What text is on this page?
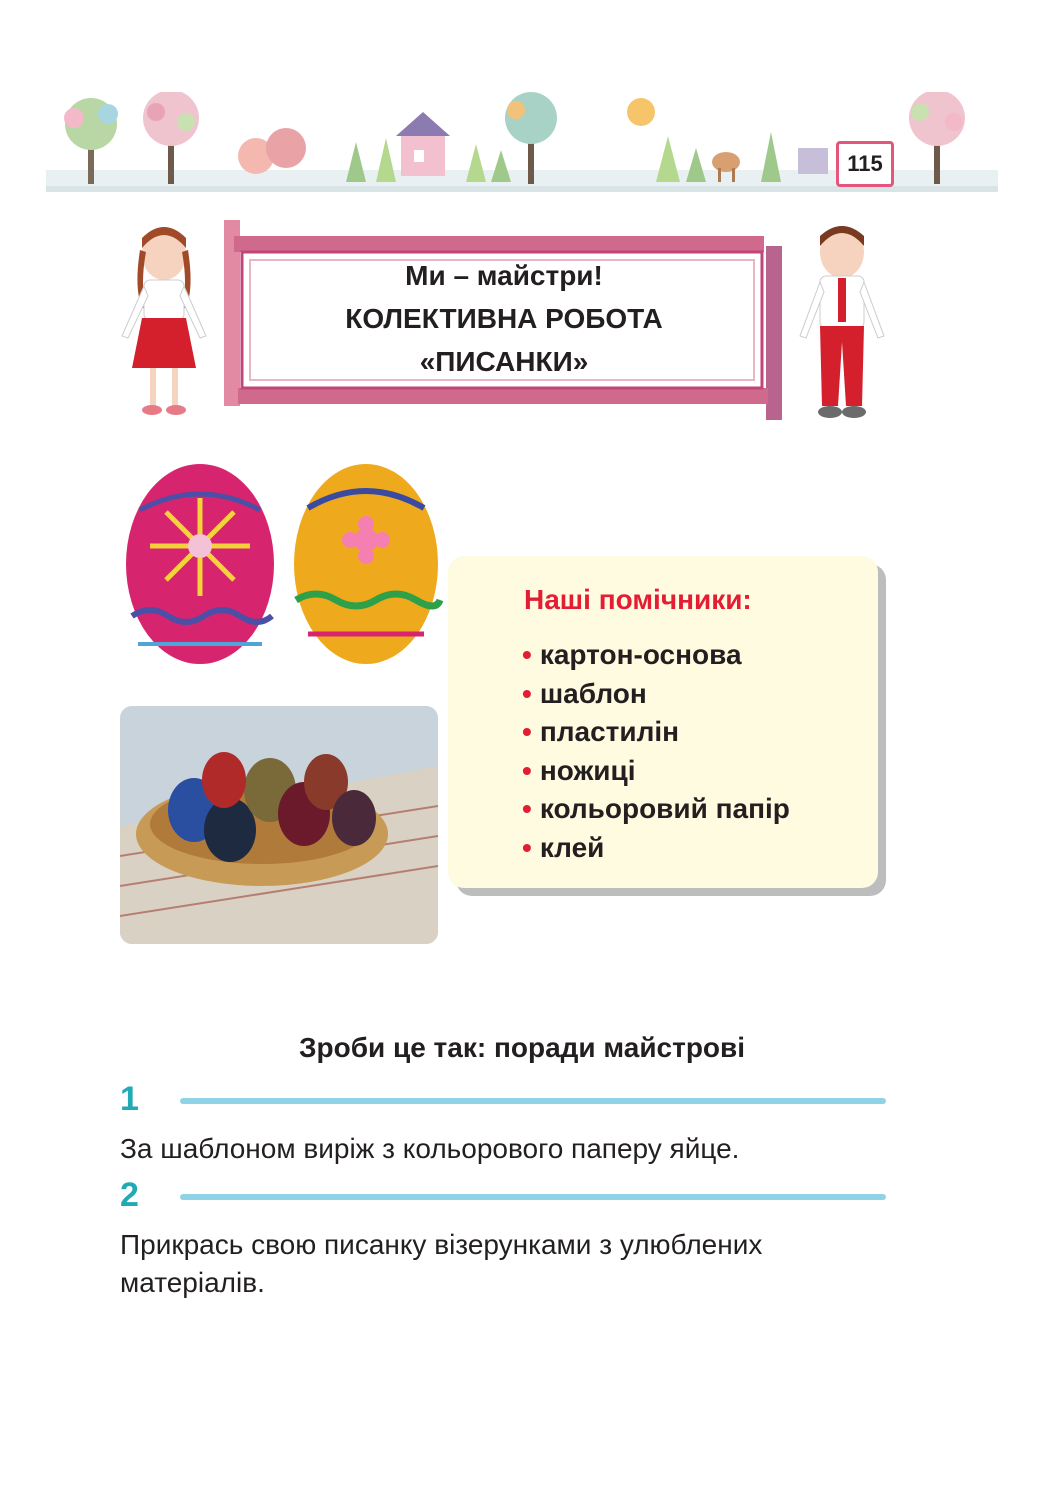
115
Ми – майстри!
КОЛЕКТИВНА РОБОТА
«ПИСАНКИ»
Наші помічники:
• картон-основа
• шаблон
• пластилін
• ножиці
• кольоровий папір
• клей
Зроби це так: поради майстрові
1
За шаблоном виріж з кольорового паперу яйце.
2
Прикрась свою писанку візерунками з улюблених матеріалів.
